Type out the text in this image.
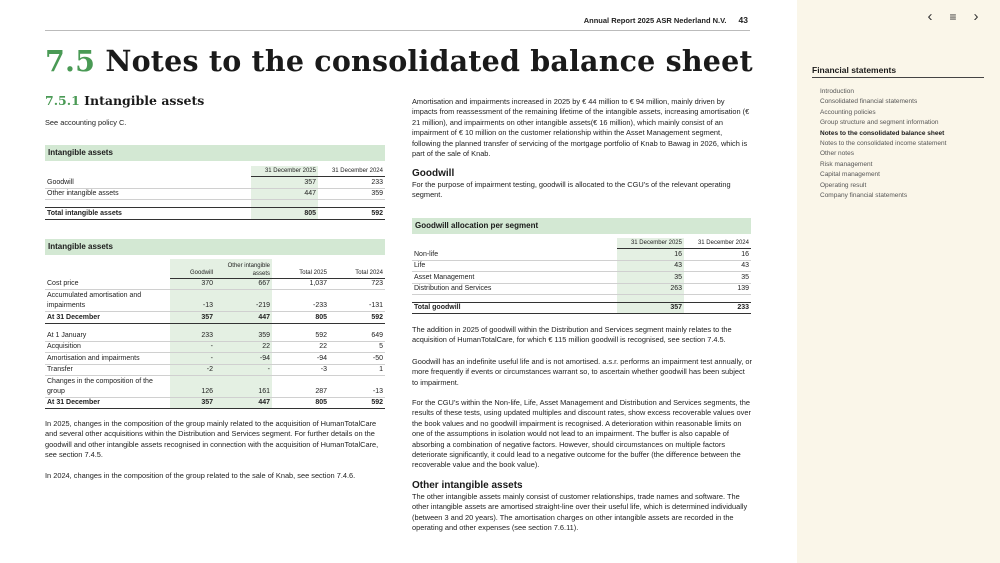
Annual Report 2025 ASR Nederland N.V. 43
7.5 Notes to the consolidated balance sheet
7.5.1 Intangible assets
See accounting policy C.
Intangible assets
	31 December 2025	31 December 2024
Goodwill	357	233
Other intangible assets	447	359

Total intangible assets	805	592
Intangible assets
	Goodwill	Other intangible assets	Total 2025	Total 2024
Cost price	370	667	1,037	723
Accumulated amortisation and				
impairments	-13	-219	-233	-131
At 31 December	357	447	805	592

At 1 January	233	359	592	649
Acquisition	-	22	22	5
Amortisation and impairments	-	-94	-94	-50
Transfer	-2	-	-3	1
Changes in the composition of the				
group	126	161	287	-13
At 31 December	357	447	805	592
In 2025, changes in the composition of the group mainly related to the acquisition of HumanTotalCare and several other acquisitions within the Distribution and Services segment. For further details on the goodwill and other intangible assets recognised in connection with the acquisition of HumanTotalCare, see section 7.4.5.
In 2024, changes in the composition of the group related to the sale of Knab, see section 7.4.6.
Amortisation and impairments increased in 2025 by € 44 million to € 94 million, mainly driven by impacts from reassessment of the remaining lifetime of the intangible assets, increasing amortisation (€ 21 million), and impairments on other intangible assets(€ 16 million), which mainly consist of an impairment of € 10 million on the customer relationship within the Asset Management segment, following the planned transfer of servicing of the mortgage portfolio of Knab to Bawag in 2026, which is part of the sale of Knab.
Goodwill
For the purpose of impairment testing, goodwill is allocated to the CGU’s of the relevant operating segment.
Goodwill allocation per segment
	31 December 2025	31 December 2024
Non-life	16	16
Life	43	43
Asset Management	35	35
Distribution and Services	263	139

Total goodwill	357	233
The addition in 2025 of goodwill within the Distribution and Services segment mainly relates to the acquisition of HumanTotalCare, for which € 115 million goodwill is recognised, see section 7.4.5.
Goodwill has an indefinite useful life and is not amortised. a.s.r. performs an impairment test annually, or more frequently if events or circumstances warrant so, to ascertain whether goodwill has been subject to impairment.
For the CGU’s within the Non-life, Life, Asset Management and Distribution and Services segments, the results of these tests, using updated multiples and discount rates, show excess recoverable values over the book values and no goodwill impairment is recognised. A deterioration within reasonable limits on one of the assumptions in isolation would not lead to an impairment. The buffer is also capable of absorbing a combination of negative factors. However, should circumstances on multiple factors deteriorate significantly, it could lead to a negative outcome for the buffer (the difference between the recoverable value and the book value).
Other intangible assets
The other intangible assets mainly consist of customer relationships, trade names and software. The other intangible assets are amortised straight-line over their useful life, which is determined individually (between 3 and 20 years). The amortisation charges on other intangible assets are recorded in the operating and other expenses (see section 7.6.11).
‹ ≡ ›
Financial statements
Introduction
Consolidated financial statements
Accounting policies
Group structure and segment information
Notes to the consolidated balance sheet
Notes to the consolidated income statement
Other notes
Risk management
Capital management
Operating result
Company financial statements
